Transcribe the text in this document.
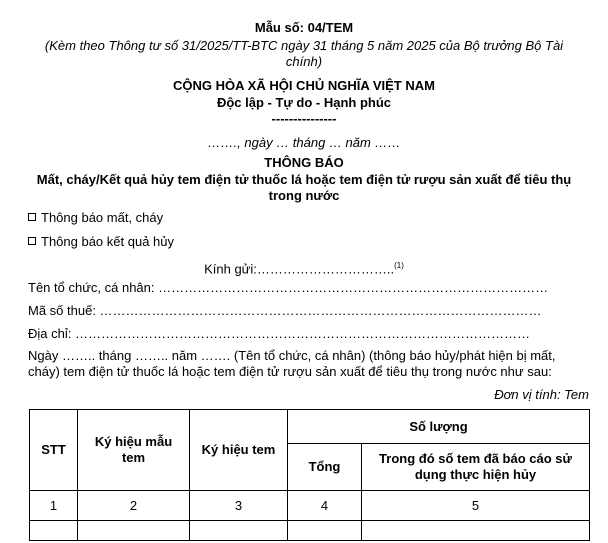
Mẫu số: 04/TEM
(Kèm theo Thông tư số 31/2025/TT-BTC ngày 31 tháng 5 năm 2025 của Bộ trưởng Bộ Tài
chính)
CỘNG HÒA XÃ HỘI CHỦ NGHĨA VIỆT NAM
Độc lập - Tự do - Hạnh phúc
---------------
……., ngày … tháng … năm ……
THÔNG BÁO
Mất, cháy/Kết quả hủy tem điện tử thuốc lá hoặc tem điện tử rượu sản xuất để tiêu thụ
trong nước
Thông báo mất, cháy
Thông báo kết quả hủy
Kính gửi:…………………………..$^{(1)}$
Tên tổ chức, cá nhân: ………………………………………………………………………………
Mã số thuế: …………………………………………………………………………………………
Địa chỉ: ……………………………………………………………………………………………
Ngày …….. tháng …….. năm ……. (Tên tổ chức, cá nhân) (thông báo hủy/phát hiện bị mất,
cháy) tem điện tử thuốc lá hoặc tem điện tử rượu sản xuất để tiêu thụ trong nước như sau:
Đơn vị tính: Tem
STT	Ký hiệu mẫu tem	Ký hiệu tem	Số lượng	
			Tổng	Trong đó số tem đã báo cáo sử dụng thực hiện hủy
1	2	3	4	5
